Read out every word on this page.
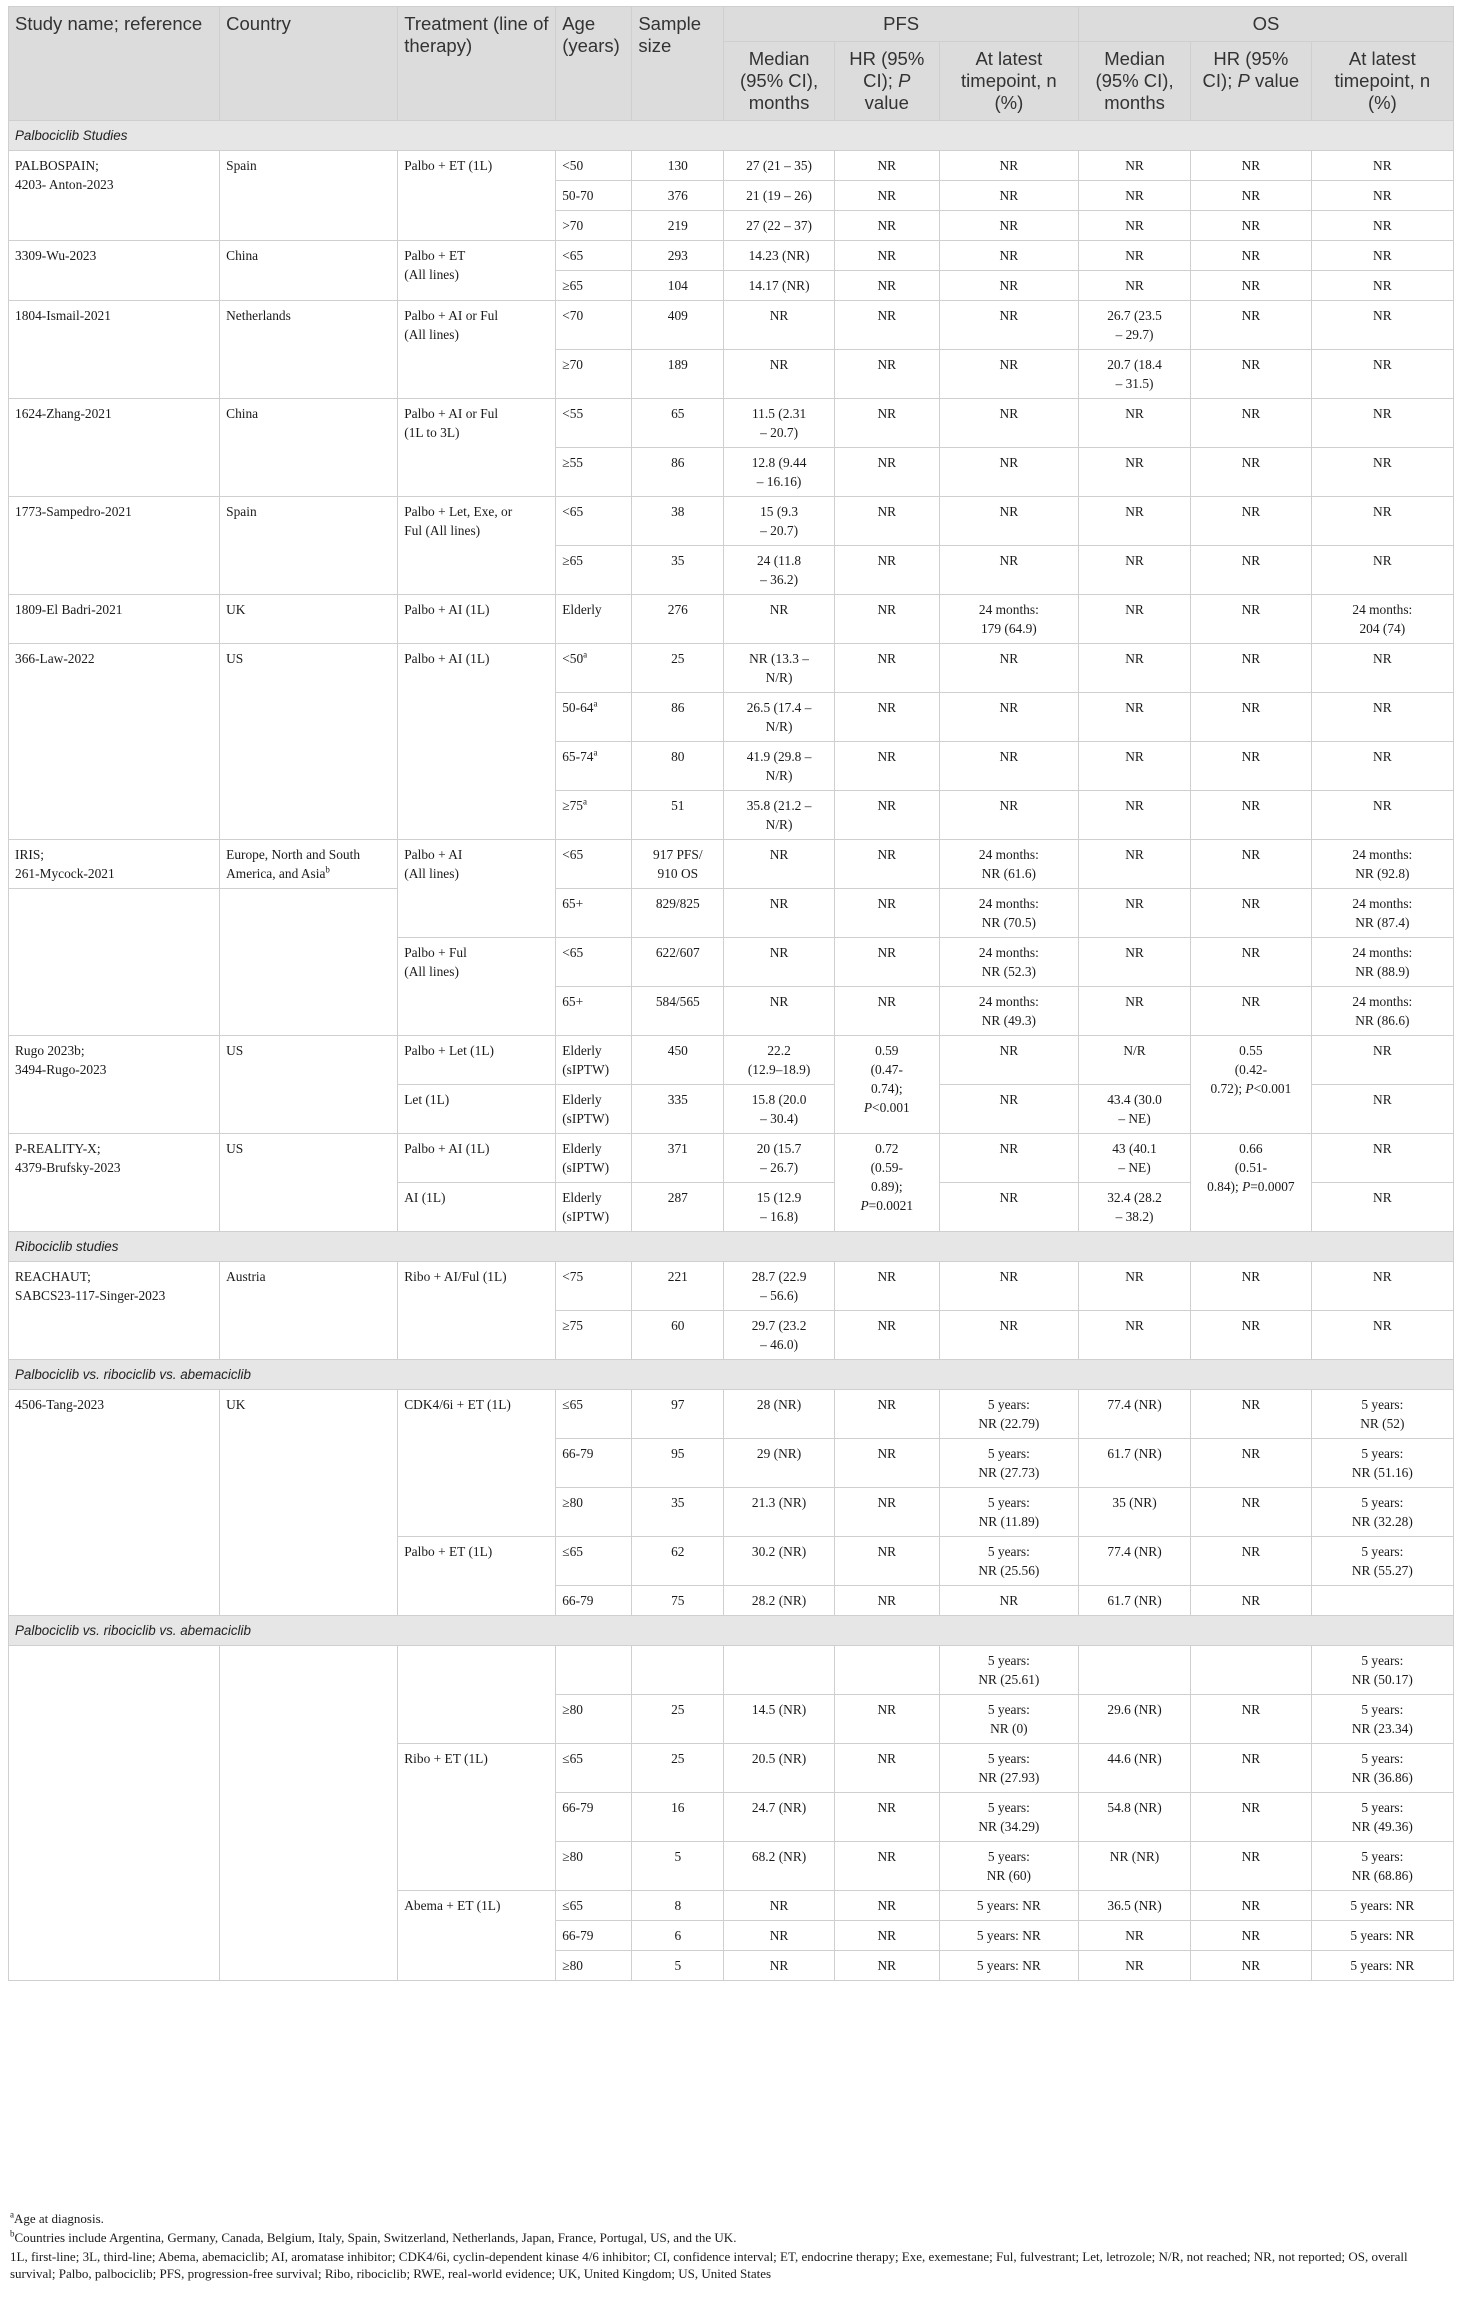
Study name; reference	Country	Treatment (line of therapy)	Age (years)	Sample size	PFS			OS		
					Median (95% CI), months	HR (95% CI); P value	At latest timepoint, n (%)	Median (95% CI), months	HR (95% CI); P value	At latest timepoint, n (%)
Palbociclib Studies										
PALBOSPAIN;
4203- Anton-2023	Spain	Palbo + ET (1L)	<50	130	27 (21 – 35)	NR	NR	NR	NR	NR
			50-70	376	21 (19 – 26)	NR	NR	NR	NR	NR
			>70	219	27 (22 – 37)	NR	NR	NR	NR	NR
3309-Wu-2023	China	Palbo + ET
(All lines)	<65	293	14.23 (NR)	NR	NR	NR	NR	NR
			≥65	104	14.17 (NR)	NR	NR	NR	NR	NR
1804-Ismail-2021	Netherlands	Palbo + AI or Ful
(All lines)	<70	409	NR	NR	NR	26.7 (23.5
– 29.7)	NR	NR
			≥70	189	NR	NR	NR	20.7 (18.4
– 31.5)	NR	NR
1624-Zhang-2021	China	Palbo + AI or Ful
(1L to 3L)	<55	65	11.5 (2.31
– 20.7)	NR	NR	NR	NR	NR
			≥55	86	12.8 (9.44
– 16.16)	NR	NR	NR	NR	NR
1773-Sampedro-2021	Spain	Palbo + Let, Exe, or
Ful (All lines)	<65	38	15 (9.3
– 20.7)	NR	NR	NR	NR	NR
			≥65	35	24 (11.8
– 36.2)	NR	NR	NR	NR	NR
1809-El Badri-2021	UK	Palbo + AI (1L)	Elderly	276	NR	NR	24 months:
179 (64.9)	NR	NR	24 months:
204 (74)
366-Law-2022	US	Palbo + AI (1L)	$<50^a$	25	NR (13.3 –
N/R)	NR	NR	NR	NR	NR
			50-64$^a$	86	26.5 (17.4 –
N/R)	NR	NR	NR	NR	NR
			65-74$^a$	80	41.9 (29.8 –
N/R)	NR	NR	NR	NR	NR
			$\ge 75^a$	51	35.8 (21.2 –
N/R)	NR	NR	NR	NR	NR
IRIS;
261-Mycock-2021	Europe, North and South America, and Asia$^b$	Palbo + AI
(All lines)	<65	917 PFS/
910 OS	NR	NR	24 months:
NR (61.6)	NR	NR	24 months:
NR (92.8)
			65+	829/825	NR	NR	24 months:
NR (70.5)	NR	NR	24 months:
NR (87.4)
		Palbo + Ful
(All lines)	<65	622/607	NR	NR	24 months:
NR (52.3)	NR	NR	24 months:
NR (88.9)
			65+	584/565	NR	NR	24 months:
NR (49.3)	NR	NR	24 months:
NR (86.6)
Rugo 2023b;
3494-Rugo-2023	US	Palbo + Let (1L)	Elderly
(sIPTW)	450	22.2
(12.9–18.9)	0.59
(0.47-
0.74);
P<0.001	NR	N/R	0.55
(0.42-
0.72); P<0.001	NR
		Let (1L)	Elderly
(sIPTW)	335	15.8 (20.0
– 30.4)		NR	43.4 (30.0
– NE)		NR
P-REALITY-X;
4379-Brufsky-2023	US	Palbo + AI (1L)	Elderly
(sIPTW)	371	20 (15.7
– 26.7)	0.72
(0.59-
0.89);
P=0.0021	NR	43 (40.1
– NE)	0.66
(0.51-
0.84); P=0.0007	NR
		AI (1L)	Elderly
(sIPTW)	287	15 (12.9
– 16.8)		NR	32.4 (28.2
– 38.2)		NR
Ribociclib studies										
REACHAUT;
SABCS23-117-Singer-2023	Austria	Ribo + AI/Ful (1L)	<75	221	28.7 (22.9
– 56.6)	NR	NR	NR	NR	NR
			≥75	60	29.7 (23.2
– 46.0)	NR	NR	NR	NR	NR
Palbociclib vs. ribociclib vs. abemaciclib										
4506-Tang-2023	UK	CDK4/6i + ET (1L)	≤65	97	28 (NR)	NR	5 years:
NR (22.79)	77.4 (NR)	NR	5 years:
NR (52)
			66-79	95	29 (NR)	NR	5 years:
NR (27.73)	61.7 (NR)	NR	5 years:
NR (51.16)
			≥80	35	21.3 (NR)	NR	5 years:
NR (11.89)	35 (NR)	NR	5 years:
NR (32.28)
		Palbo + ET (1L)	≤65	62	30.2 (NR)	NR	5 years:
NR (25.56)	77.4 (NR)	NR	5 years:
NR (55.27)
			66-79	75	28.2 (NR)	NR	NR	61.7 (NR)	NR	
Palbociclib vs. ribociclib vs. abemaciclib										
							5 years:
NR (25.61)			5 years:
NR (50.17)
			≥80	25	14.5 (NR)	NR	5 years:
NR (0)	29.6 (NR)	NR	5 years:
NR (23.34)
		Ribo + ET (1L)	≤65	25	20.5 (NR)	NR	5 years:
NR (27.93)	44.6 (NR)	NR	5 years:
NR (36.86)
			66-79	16	24.7 (NR)	NR	5 years:
NR (34.29)	54.8 (NR)	NR	5 years:
NR (49.36)
			≥80	5	68.2 (NR)	NR	5 years:
NR (60)	NR (NR)	NR	5 years:
NR (68.86)
		Abema + ET (1L)	≤65	8	NR	NR	5 years: NR	36.5 (NR)	NR	5 years: NR
			66-79	6	NR	NR	5 years: NR	NR	NR	5 years: NR
			≥80	5	NR	NR	5 years: NR	NR	NR	5 years: NR
$^a$Age at diagnosis.
$^b$Countries include Argentina, Germany, Canada, Belgium, Italy, Spain, Switzerland, Netherlands, Japan, France, Portugal, US, and the UK.
1L, first-line; 3L, third-line; Abema, abemaciclib; AI, aromatase inhibitor; CDK4/6i, cyclin-dependent kinase 4/6 inhibitor; CI, confidence interval; ET, endocrine therapy; Exe, exemestane; Ful, fulvestrant; Let, letrozole; N/R, not reached; NR, not reported; OS, overall survival; Palbo, palbociclib; PFS, progression-free survival; Ribo, ribociclib; RWE, real-world evidence; UK, United Kingdom; US, United States
